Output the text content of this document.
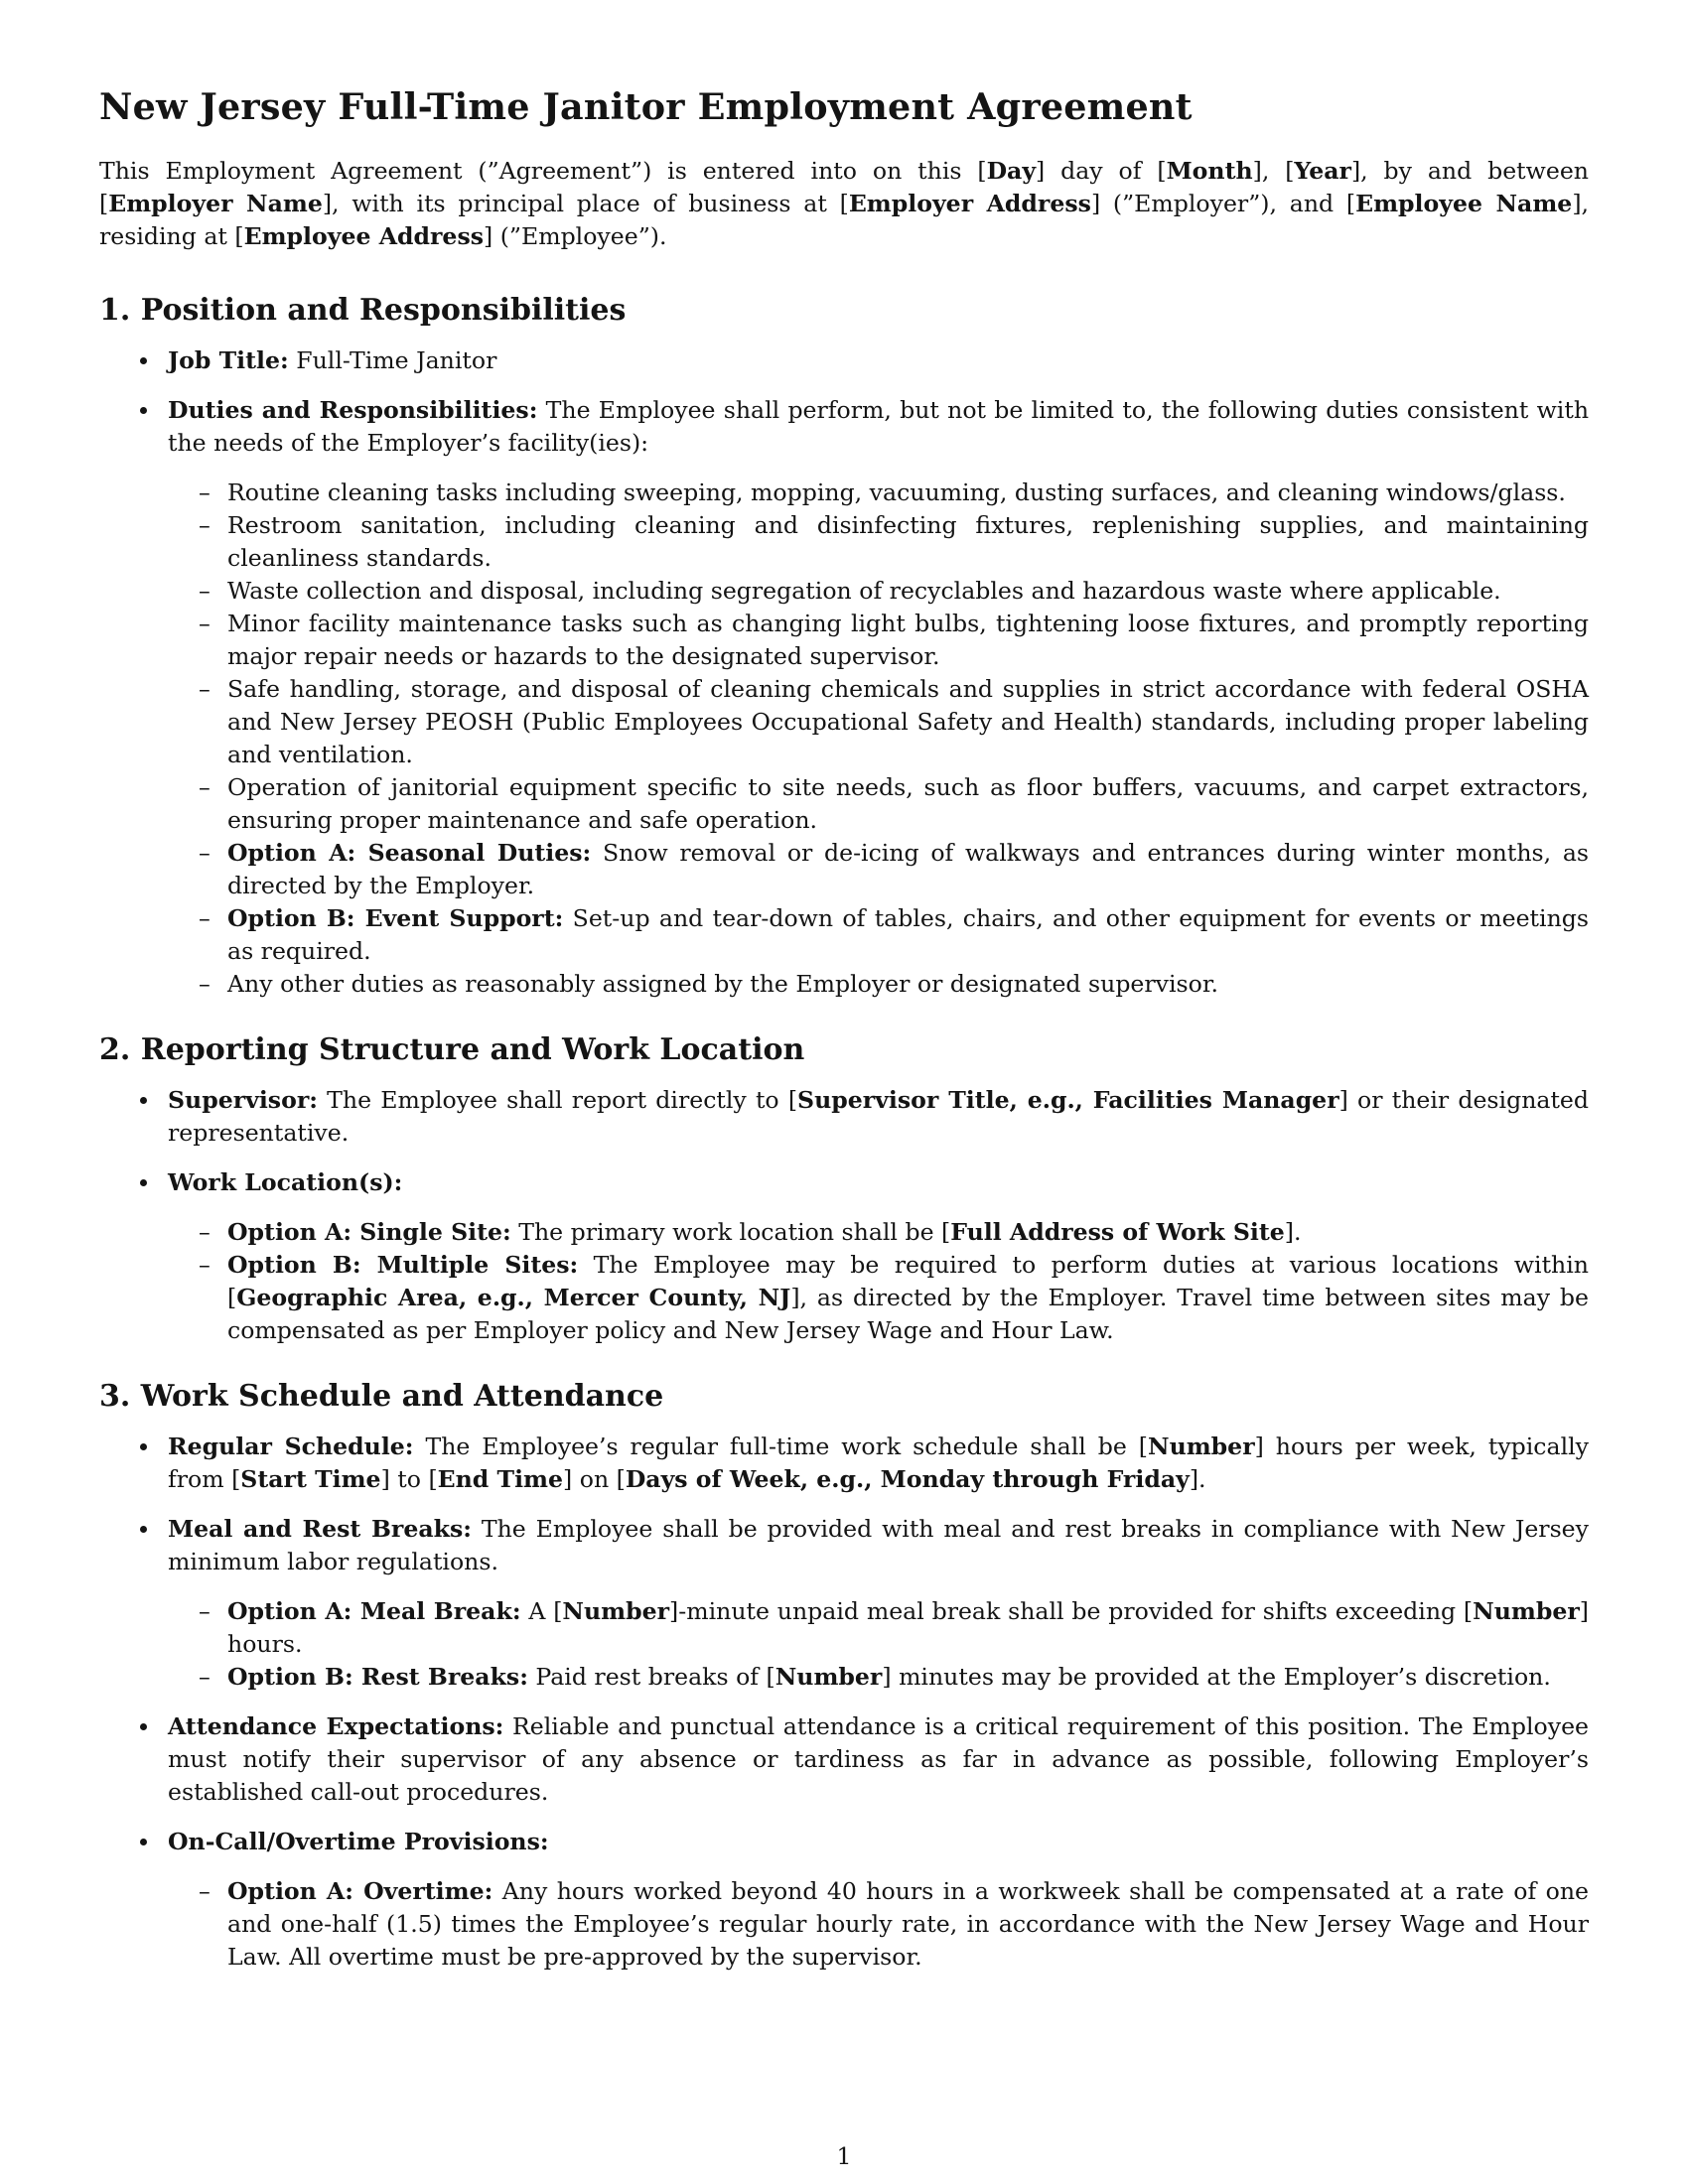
New Jersey Full-Time Janitor Employment Agreement

This Employment Agreement (”Agreement”) is entered into on this [Day] day of [Month], [Year], by and between [Employer Name], with its principal place of business at [Employer Address] (”Employer”), and [Employee Name], residing at [Employee Address] (”Employee”).

1. Position and Responsibilities
Job Title: Full-Time Janitor
Duties and Responsibilities: The Employee shall perform, but not be limited to, the following duties consistent with the needs of the Employer’s facility(ies):
– Routine cleaning tasks including sweeping, mopping, vacuuming, dusting surfaces, and cleaning windows/glass.
– Restroom sanitation, including cleaning and disinfecting fixtures, replenishing supplies, and maintaining cleanliness standards.
– Waste collection and disposal, including segregation of recyclables and hazardous waste where applicable.
– Minor facility maintenance tasks such as changing light bulbs, tightening loose fixtures, and promptly reporting major repair needs or hazards to the designated supervisor.
– Safe handling, storage, and disposal of cleaning chemicals and supplies in strict accordance with federal OSHA and New Jersey PEOSH (Public Employees Occupational Safety and Health) standards, including proper labeling and ventilation.
– Operation of janitorial equipment specific to site needs, such as floor buffers, vacuums, and carpet extractors, ensuring proper maintenance and safe operation.
– Option A: Seasonal Duties: Snow removal or de-icing of walkways and entrances during winter months, as directed by the Employer.
– Option B: Event Support: Set-up and tear-down of tables, chairs, and other equipment for events or meetings as required.
– Any other duties as reasonably assigned by the Employer or designated supervisor.
2. Reporting Structure and Work Location
Supervisor: The Employee shall report directly to [Supervisor Title, e.g., Facilities Manager] or their designated representative.
Work Location(s):
– Option A: Single Site: The primary work location shall be [Full Address of Work Site].
– Option B: Multiple Sites: The Employee may be required to perform duties at various locations within [Geographic Area, e.g., Mercer County, NJ], as directed by the Employer. Travel time between sites may be compensated as per Employer policy and New Jersey Wage and Hour Law.
3. Work Schedule and Attendance
Regular Schedule: The Employee’s regular full-time work schedule shall be [Number] hours per week, typically from [Start Time] to [End Time] on [Days of Week, e.g., Monday through Friday].
Meal and Rest Breaks: The Employee shall be provided with meal and rest breaks in compliance with New Jersey minimum labor regulations.
– Option A: Meal Break: A [Number]-minute unpaid meal break shall be provided for shifts exceeding [Number] hours.
– Option B: Rest Breaks: Paid rest breaks of [Number] minutes may be provided at the Employer’s discretion.
Attendance Expectations: Reliable and punctual attendance is a critical requirement of this position. The Employee must notify their supervisor of any absence or tardiness as far in advance as possible, following Employer’s established call-out procedures.
On-Call/Overtime Provisions:
– Option A: Overtime: Any hours worked beyond 40 hours in a workweek shall be compensated at a rate of one and one-half (1.5) times the Employee’s regular hourly rate, in accordance with the New Jersey Wage and Hour Law. All overtime must be pre-approved by the supervisor.
1
